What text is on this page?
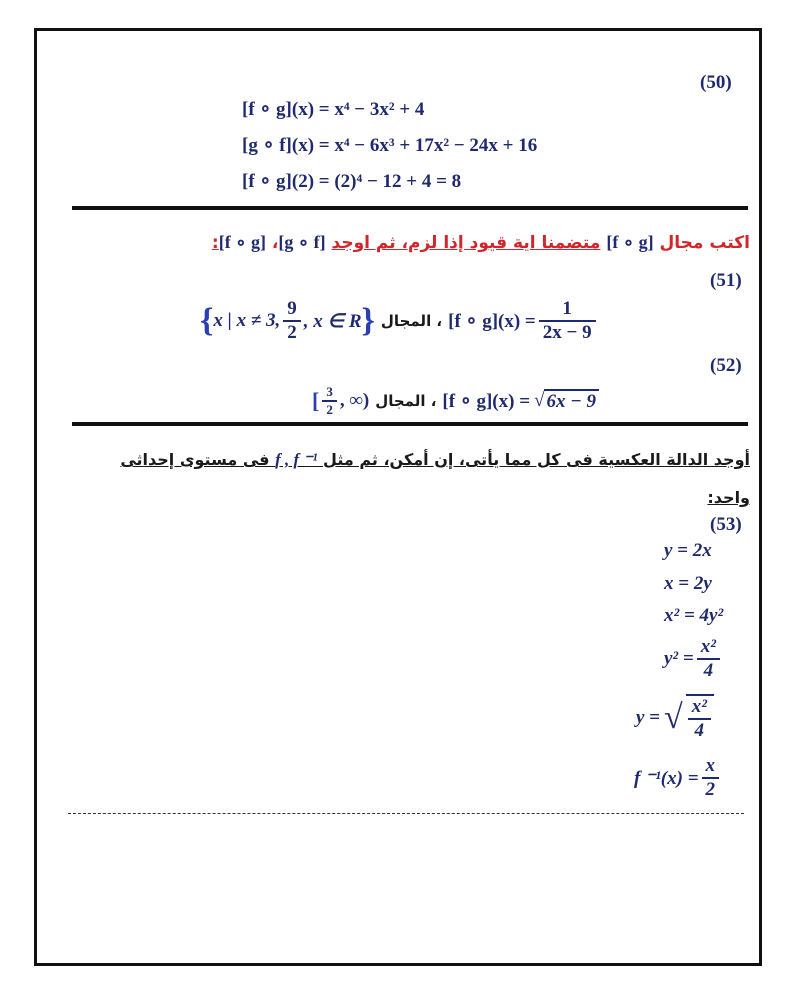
(50)
[f ∘ g](x) = x⁴ − 3x² + 4
[g ∘ f](x) = x⁴ − 6x³ + 17x² − 24x + 16
[f ∘ g](2) = (2)⁴ − 12 + 4 = 8
اكتب مجال [f ∘ g] متضمنا اية قيود إذا لزم، ثم اوجد [g ∘ f]، [f ∘ g]:
(51)
{ x | x ≠ 3, $\frac{9}{2}$ , x ∈ R } ، المجال [f ∘ $g](x) = \frac{1}{2x - 9}$
(52)
[ $\frac{3}{2}$ , ∞) ، المجال [f ∘ g](x) = √ 6x − 9
أوجد الدالة العكسية فى كل مما يأتى، إن أمكن، ثم مثل f , f ⁻¹ فى مستوى إحداثى
واحد:
(53)
y = 2x
x = 2y
x² = 4y²
$y^2 = \frac{\text{x²}}{4}$
y = √ $\frac{\text{x²}}{4}$
f $^{-1}(x) = \frac{x}{2}$
